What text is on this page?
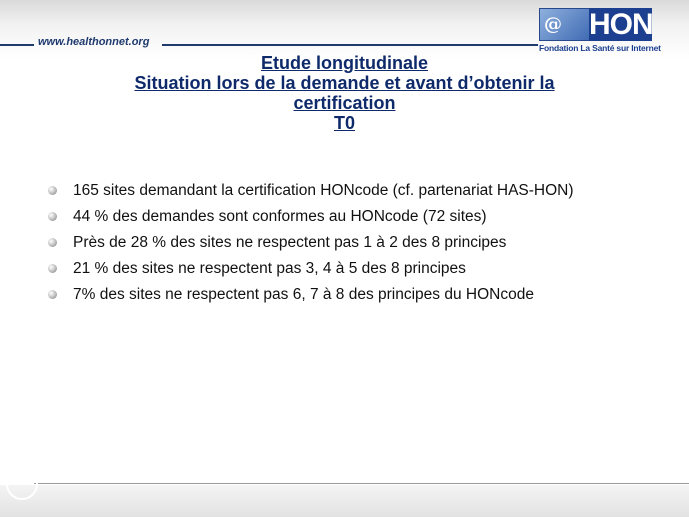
www.healthonnet.org
@ HON
Fondation La Santé sur Internet
Etude longitudinale
Situation lors de la demande et avant d’obtenir la
certification
T0
165 sites demandant la certification HONcode (cf. partenariat HAS-HON)
44 % des demandes sont conformes au HONcode (72 sites)
Près de 28 % des sites ne respectent pas 1 à 2 des 8 principes
21 % des sites ne respectent pas 3, 4 à 5 des 8 principes
7% des sites ne respectent pas 6, 7 à 8 des principes du HONcode
